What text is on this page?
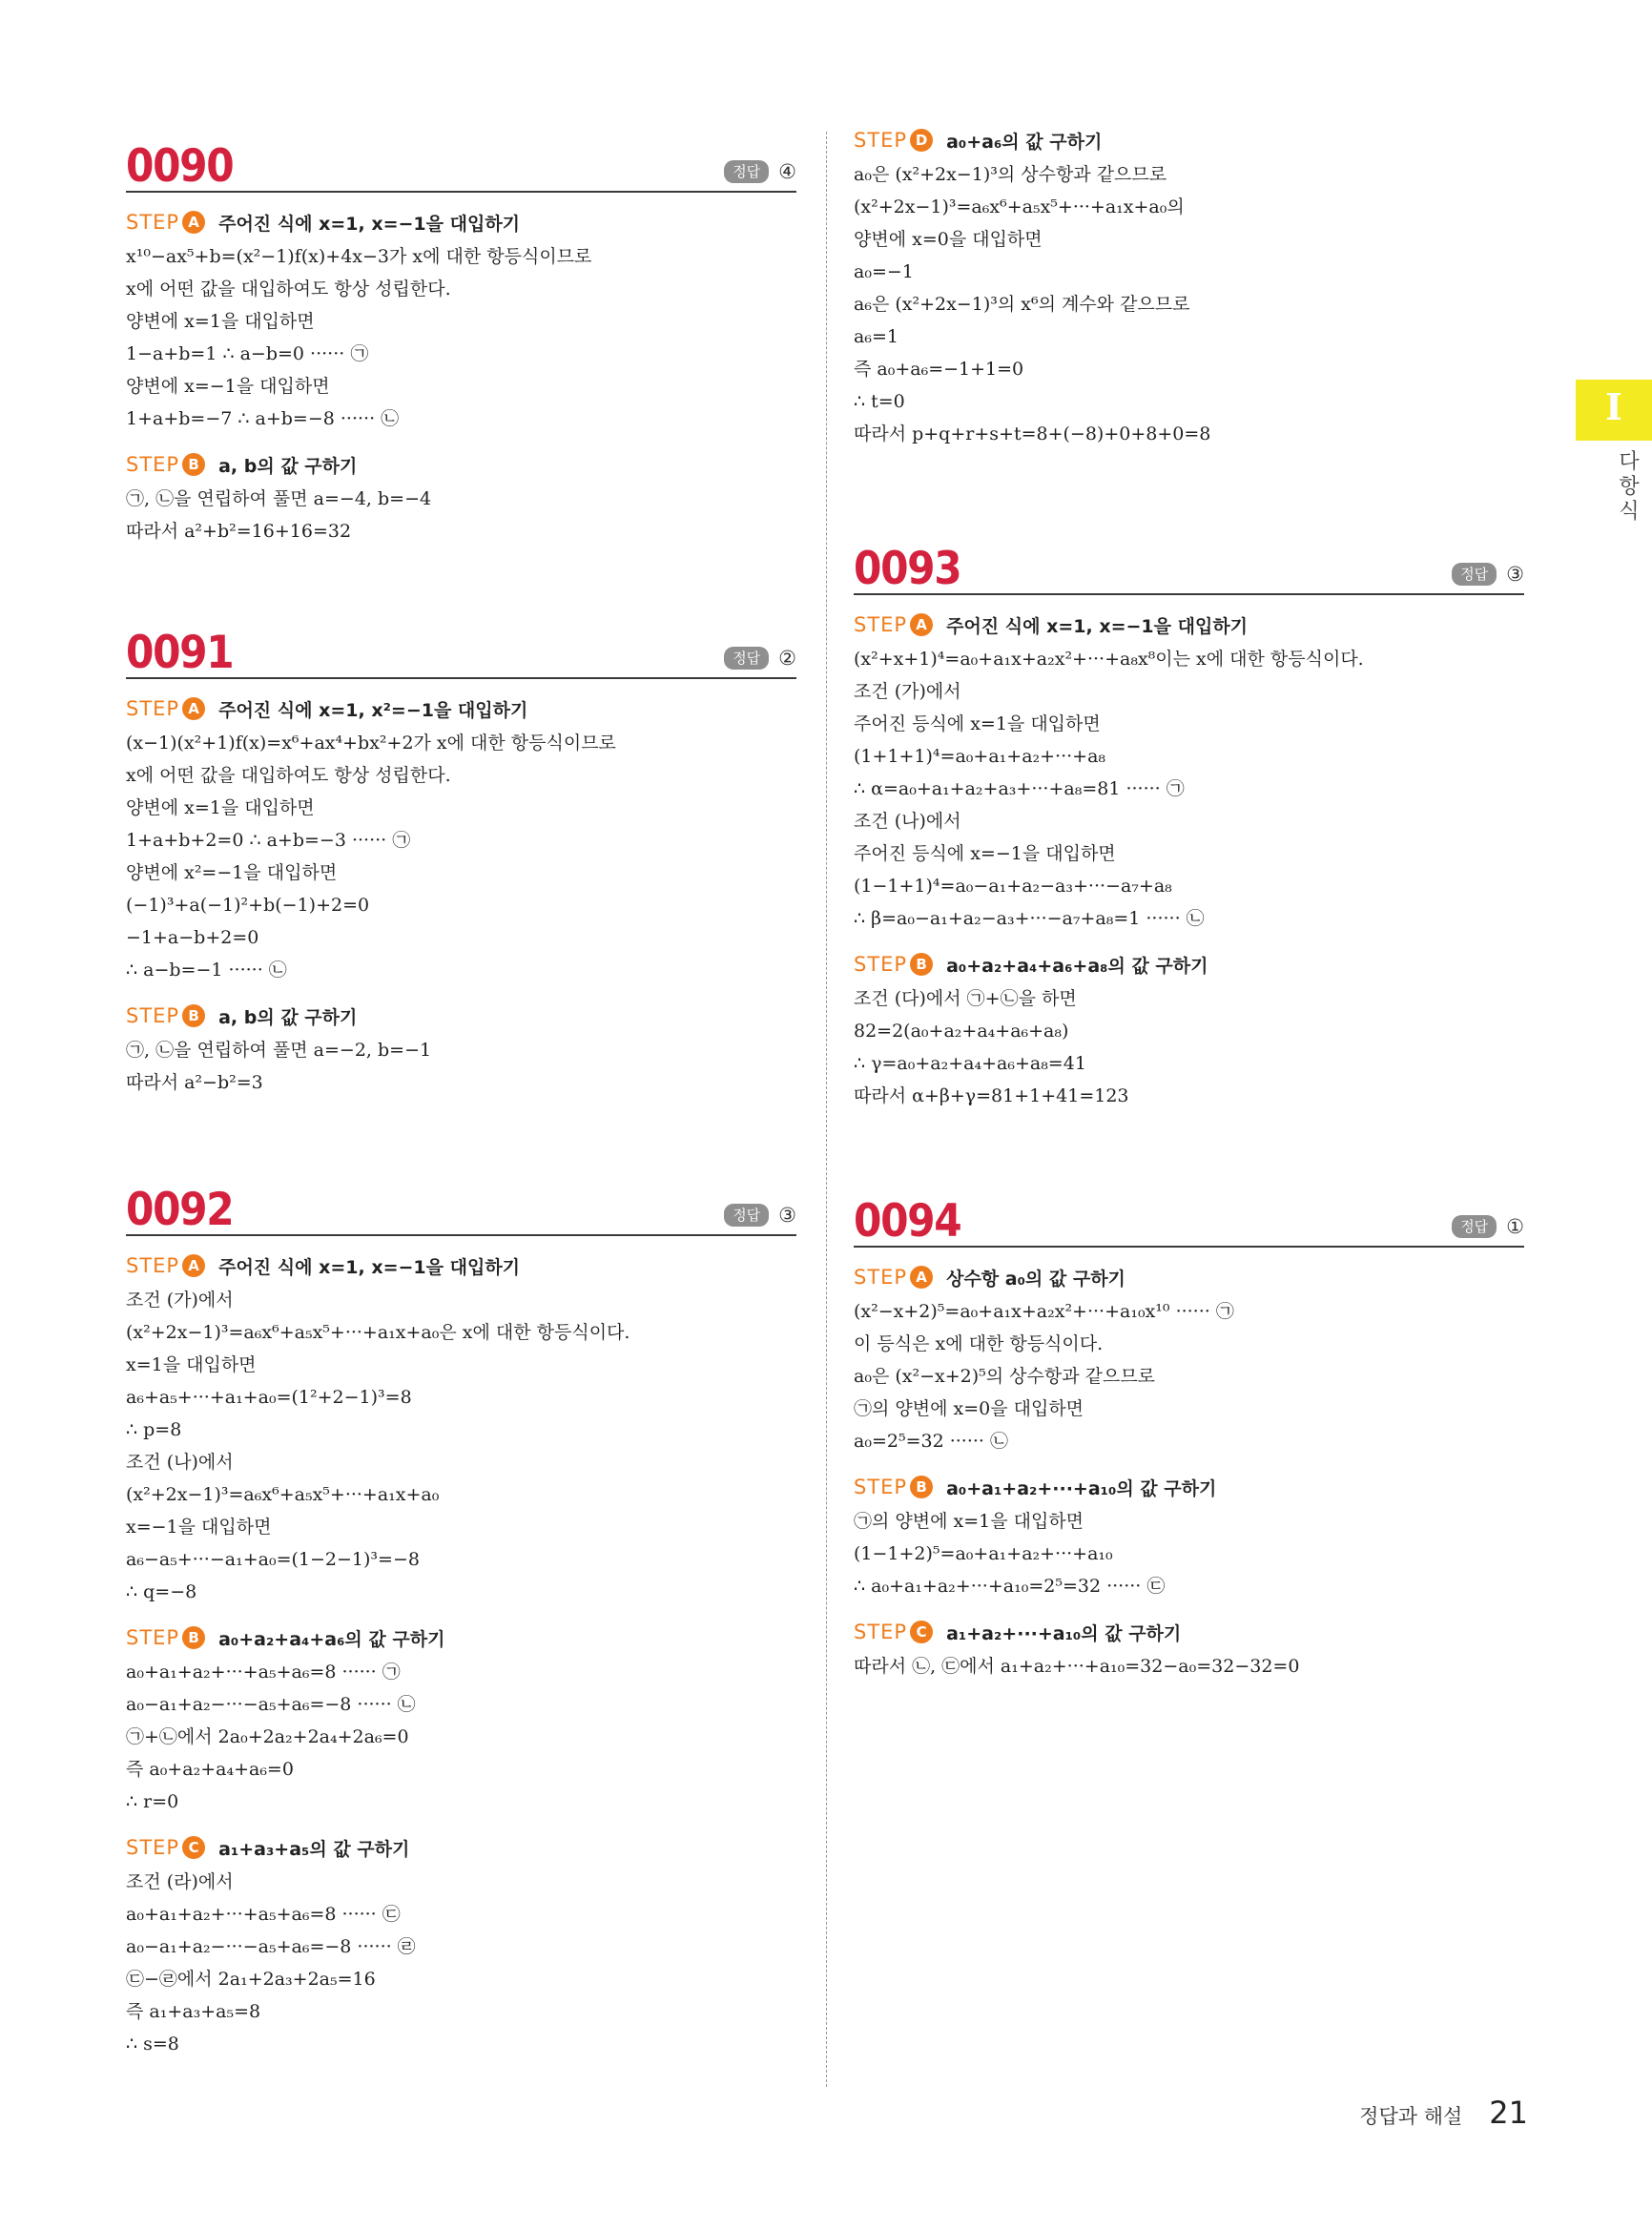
I
다
항
식
0090	정답 ④
STEP A	주어진 식에 x=1, x=−1을 대입하기
x¹⁰−ax⁵+b=(x²−1)f(x)+4x−3가 x에 대한 항등식이므로
x에 어떤 값을 대입하여도 항상 성립한다.
양변에 x=1을 대입하면
1−a+b=1 ∴ a−b=0 ······ ㉠
양변에 x=−1을 대입하면
1+a+b=−7 ∴ a+b=−8 ······ ㉡
STEP B	a, b의 값 구하기
㉠, ㉡을 연립하여 풀면 a=−4, b=−4
따라서 a²+b²=16+16=32
0091	정답 ②
STEP A	주어진 식에 x=1, x²=−1을 대입하기
(x−1)(x²+1)f(x)=x⁶+ax⁴+bx²+2가 x에 대한 항등식이므로
x에 어떤 값을 대입하여도 항상 성립한다.
양변에 x=1을 대입하면
1+a+b+2=0 ∴ a+b=−3 ······ ㉠
양변에 x²=−1을 대입하면
(−1)³+a(−1)²+b(−1)+2=0
−1+a−b+2=0
∴ a−b=−1 ······ ㉡
STEP B	a, b의 값 구하기
㉠, ㉡을 연립하여 풀면 a=−2, b=−1
따라서 a²−b²=3
0092	정답 ③
STEP A	주어진 식에 x=1, x=−1을 대입하기
조건 (가)에서
(x²+2x−1)³=a₆x⁶+a₅x⁵+···+a₁x+a₀은 x에 대한 항등식이다.
x=1을 대입하면
a₆+a₅+···+a₁+a₀=(1²+2−1)³=8
∴ p=8
조건 (나)에서
(x²+2x−1)³=a₆x⁶+a₅x⁵+···+a₁x+a₀
x=−1을 대입하면
a₆−a₅+···−a₁+a₀=(1−2−1)³=−8
∴ q=−8
STEP B	a₀+a₂+a₄+a₆의 값 구하기
a₀+a₁+a₂+···+a₅+a₆=8 ······ ㉠
a₀−a₁+a₂−···−a₅+a₆=−8 ······ ㉡
㉠+㉡에서 2a₀+2a₂+2a₄+2a₆=0
즉 a₀+a₂+a₄+a₆=0
∴ r=0
STEP C	a₁+a₃+a₅의 값 구하기
조건 (라)에서
a₀+a₁+a₂+···+a₅+a₆=8 ······ ㉢
a₀−a₁+a₂−···−a₅+a₆=−8 ······ ㉣
㉢−㉣에서 2a₁+2a₃+2a₅=16
즉 a₁+a₃+a₅=8
∴ s=8
STEP D	a₀+a₆의 값 구하기
a₀은 (x²+2x−1)³의 상수항과 같으므로
(x²+2x−1)³=a₆x⁶+a₅x⁵+···+a₁x+a₀의
양변에 x=0을 대입하면
a₀=−1
a₆은 (x²+2x−1)³의 x⁶의 계수와 같으므로
a₆=1
즉 a₀+a₆=−1+1=0
∴ t=0
따라서 p+q+r+s+t=8+(−8)+0+8+0=8
0093	정답 ③
STEP A	주어진 식에 x=1, x=−1을 대입하기
(x²+x+1)⁴=a₀+a₁x+a₂x²+···+a₈x⁸이는 x에 대한 항등식이다.
조건 (가)에서
주어진 등식에 x=1을 대입하면
(1+1+1)⁴=a₀+a₁+a₂+···+a₈
∴ α=a₀+a₁+a₂+a₃+···+a₈=81 ······ ㉠
조건 (나)에서
주어진 등식에 x=−1을 대입하면
(1−1+1)⁴=a₀−a₁+a₂−a₃+···−a₇+a₈
∴ β=a₀−a₁+a₂−a₃+···−a₇+a₈=1 ······ ㉡
STEP B	a₀+a₂+a₄+a₆+a₈의 값 구하기
조건 (다)에서 ㉠+㉡을 하면
82=2(a₀+a₂+a₄+a₆+a₈)
∴ γ=a₀+a₂+a₄+a₆+a₈=41
따라서 α+β+γ=81+1+41=123
0094	정답 ①
STEP A	상수항 a₀의 값 구하기
(x²−x+2)⁵=a₀+a₁x+a₂x²+···+a₁₀x¹⁰ ······ ㉠
이 등식은 x에 대한 항등식이다.
a₀은 (x²−x+2)⁵의 상수항과 같으므로
㉠의 양변에 x=0을 대입하면
a₀=2⁵=32 ······ ㉡
STEP B	a₀+a₁+a₂+···+a₁₀의 값 구하기
㉠의 양변에 x=1을 대입하면
(1−1+2)⁵=a₀+a₁+a₂+···+a₁₀
∴ a₀+a₁+a₂+···+a₁₀=2⁵=32 ······ ㉢
STEP C	a₁+a₂+···+a₁₀의 값 구하기
따라서 ㉡, ㉢에서 a₁+a₂+···+a₁₀=32−a₀=32−32=0
정답과 해설 21
